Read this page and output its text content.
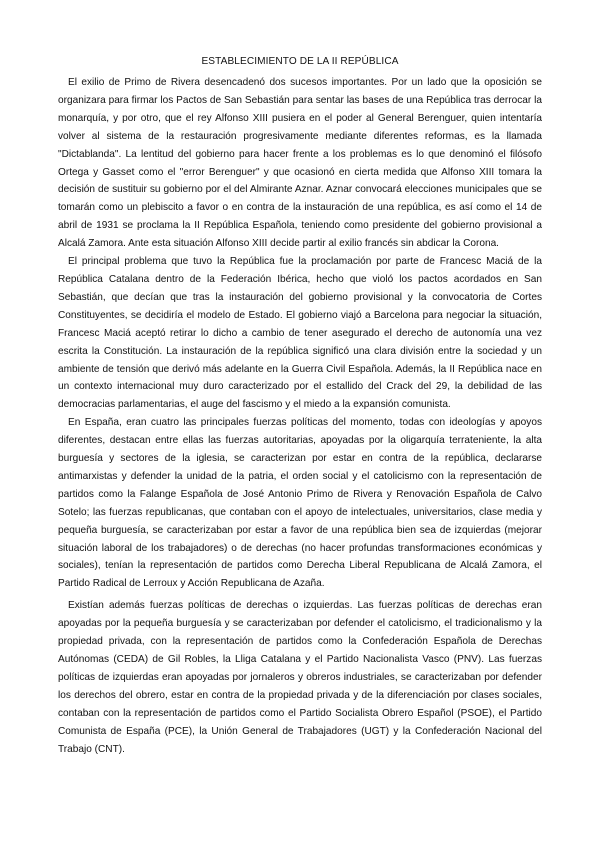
ESTABLECIMIENTO DE LA II REPÚBLICA

El exilio de Primo de Rivera desencadenó dos sucesos importantes. Por un lado que la oposición se organizara para firmar los Pactos de San Sebastián para sentar las bases de una República tras derrocar la monarquía, y por otro, que el rey Alfonso XIII pusiera en el poder al General Berenguer, quien intentaría volver al sistema de la restauración progresivamente mediante diferentes reformas, es la llamada "Dictablanda". La lentitud del gobierno para hacer frente a los problemas es lo que denominó el filósofo Ortega y Gasset como el "error Berenguer" y que ocasionó en cierta medida que Alfonso XIII tomara la decisión de sustituir su gobierno por el del Almirante Aznar. Aznar convocará elecciones municipales que se tomarán como un plebiscito a favor o en contra de la instauración de una república, es así como el 14 de abril de 1931 se proclama la II República Española, teniendo como presidente del gobierno provisional a Alcalá Zamora. Ante esta situación Alfonso XIII decide partir al exilio francés sin abdicar la Corona.

El principal problema que tuvo la República fue la proclamación por parte de Francesc Maciá de la República Catalana dentro de la Federación Ibérica, hecho que violó los pactos acordados en San Sebastián, que decían que tras la instauración del gobierno provisional y la convocatoria de Cortes Constituyentes, se decidiría el modelo de Estado. El gobierno viajó a Barcelona para negociar la situación, Francesc Maciá aceptó retirar lo dicho a cambio de tener asegurado el derecho de autonomía una vez escrita la Constitución. La instauración de la república significó una clara división entre la sociedad y un ambiente de tensión que derivó más adelante en la Guerra Civil Española. Además, la II República nace en un contexto internacional muy duro caracterizado por el estallido del Crack del 29, la debilidad de las democracias parlamentarias, el auge del fascismo y el miedo a la expansión comunista.

En España, eran cuatro las principales fuerzas políticas del momento, todas con ideologías y apoyos diferentes, destacan entre ellas las fuerzas autoritarias, apoyadas por la oligarquía terrateniente, la alta burguesía y sectores de la iglesia, se caracterizan por estar en contra de la república, declararse antimarxistas y defender la unidad de la patria, el orden social y el catolicismo con la representación de partidos como la Falange Española de José Antonio Primo de Rivera y Renovación Española de Calvo Sotelo; las fuerzas republicanas, que contaban con el apoyo de intelectuales, universitarios, clase media y pequeña burguesía, se caracterizaban por estar a favor de una república bien sea de izquierdas (mejorar situación laboral de los trabajadores) o de derechas (no hacer profundas transformaciones económicas y sociales), tenían la representación de partidos como Derecha Liberal Republicana de Alcalá Zamora, el Partido Radical de Lerroux y Acción Republicana de Azaña.

Existían además fuerzas políticas de derechas o izquierdas. Las fuerzas políticas de derechas eran apoyadas por la pequeña burguesía y se caracterizaban por defender el catolicismo, el tradicionalismo y la propiedad privada, con la representación de partidos como la Confederación Española de Derechas Autónomas (CEDA) de Gil Robles, la Lliga Catalana y el Partido Nacionalista Vasco (PNV). Las fuerzas políticas de izquierdas eran apoyadas por jornaleros y obreros industriales, se caracterizaban por defender los derechos del obrero, estar en contra de la propiedad privada y de la diferenciación por clases sociales, contaban con la representación de partidos como el Partido Socialista Obrero Español (PSOE), el Partido Comunista de España (PCE), la Unión General de Trabajadores (UGT) y la Confederación Nacional del Trabajo (CNT).
